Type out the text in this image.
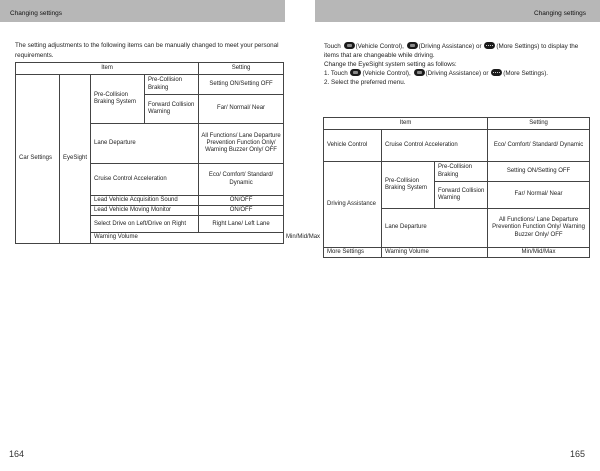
Changing settings
164

The setting adjustments to the following items can be manually changed to meet your personal requirements.

Item				Setting	
Car Settings	EyeSight	Pre-Collision Braking System	Pre-Collision Braking	Setting ON/Setting OFF	
			Forward Collision Warning	Far/ Normal/ Near	
		Lane Departure		All Functions/ Lane Departure Prevention Function Only/ Warning Buzzer Only/ OFF	
		Cruise Control Acceleration		Eco/ Comfort/ Standard/ Dynamic	
		Lead Vehicle Acquisition Sound		ON/OFF	
		Lead Vehicle Moving Monitor		ON/OFF	
		Select Drive on Left/Drive on Right		Right Lane/ Left Lane	
		Warning Volume			Min/Mid/Max
Changing settings
165
Touch (Vehicle Control), (Driving Assistance) or (More Settings) to display the items that are changeable while driving.
Change the EyeSight system setting as follows:
1. Touch (Vehicle Control), (Driving Assistance) or (More Settings).
2. Select the preferred menu.
Item			Setting
Vehicle Control	Cruise Control Acceleration		Eco/ Comfort/ Standard/ Dynamic
Driving Assistance	Pre-Collision Braking System	Pre-Collision Braking	Setting ON/Setting OFF
		Forward Collision Warning	Far/ Normal/ Near
	Lane Departure		All Functions/ Lane Departure Prevention Function Only/ Warning Buzzer Only/ OFF
More Settings	Warning Volume		Min/Mid/Max
